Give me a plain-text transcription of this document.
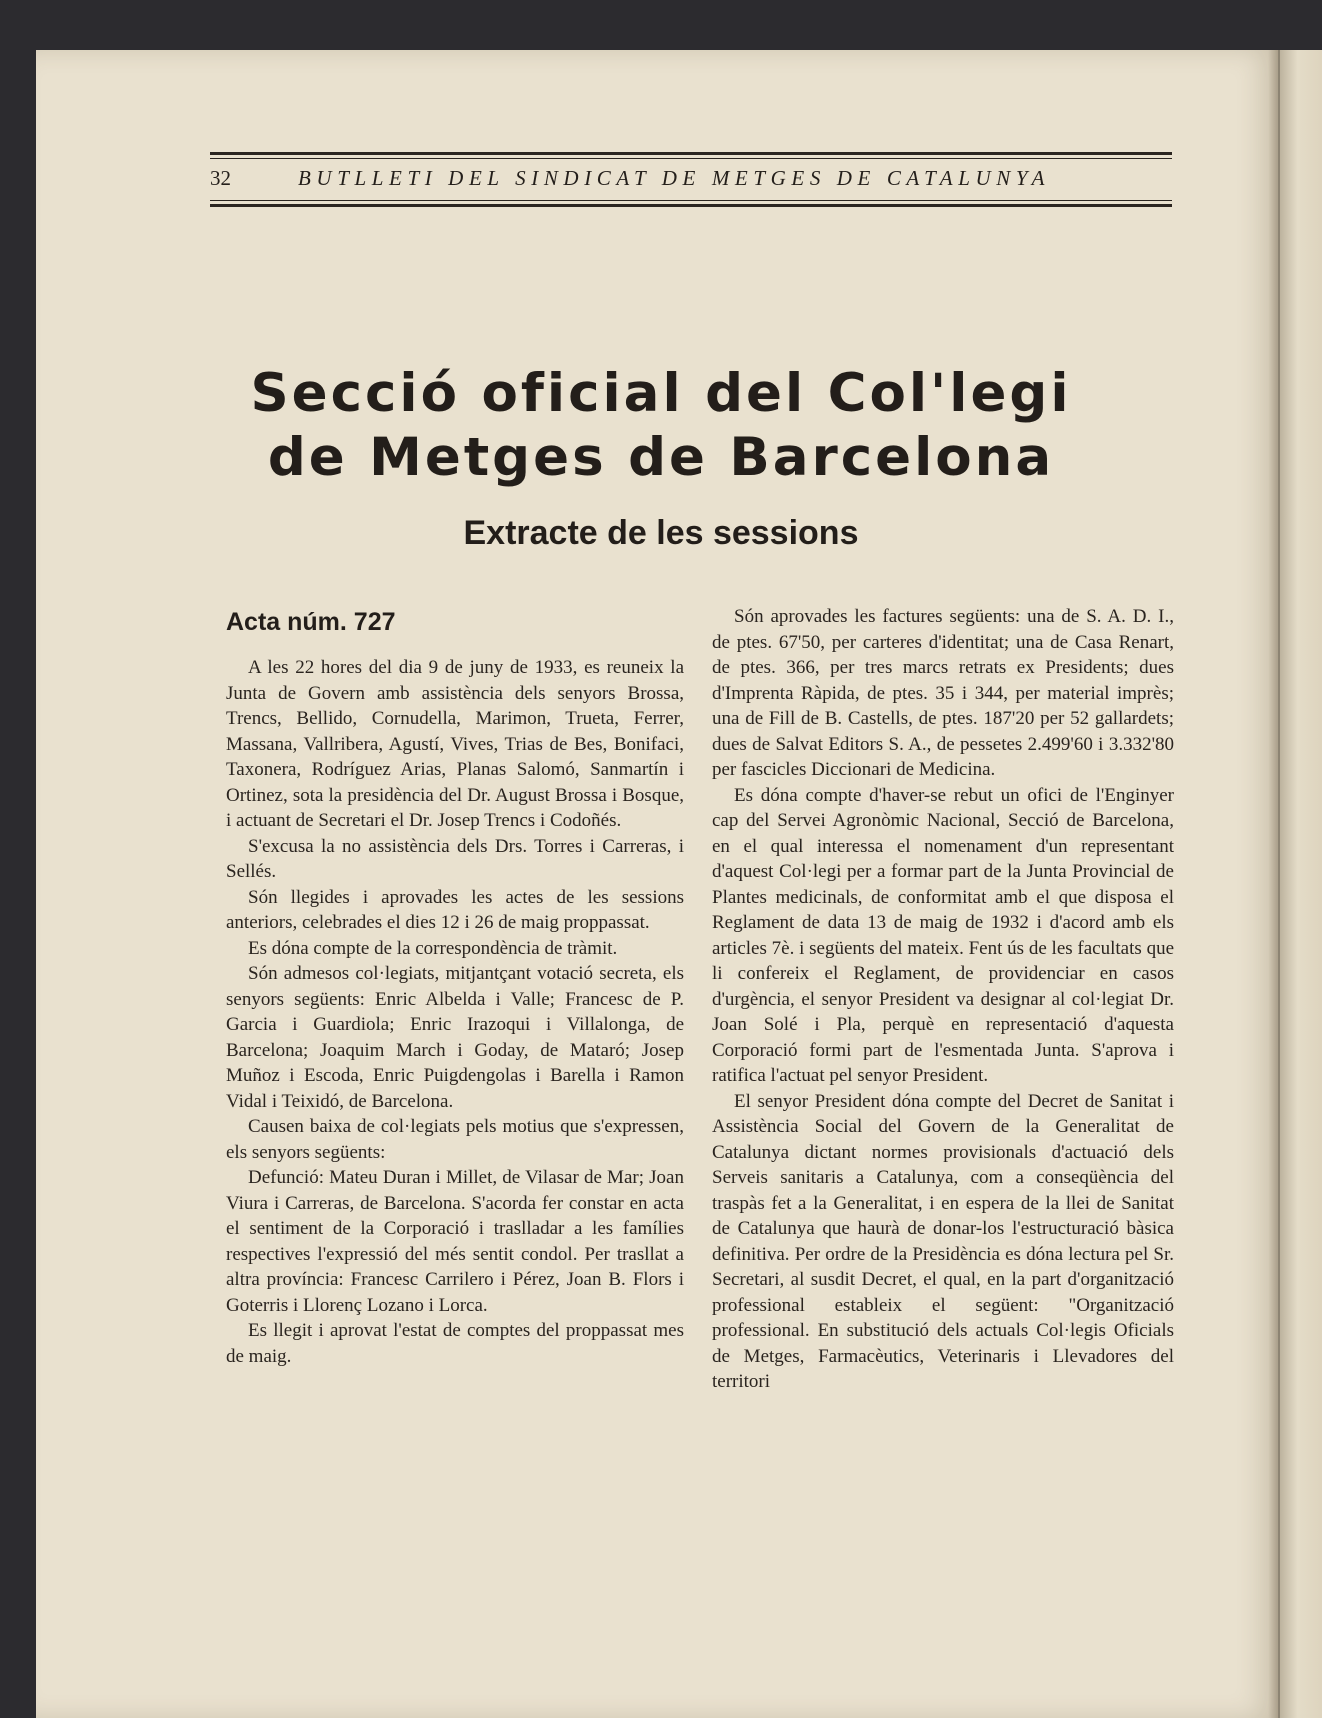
32	BUTLLETI DEL SINDICAT DE METGES DE CATALUNYA
Secció oficial del Col'legi
de Metges de Barcelona
Extracte de les sessions
Acta núm. 727

A les 22 hores del dia 9 de juny de 1933, es reuneix la Junta de Govern amb assistència dels senyors Brossa, Trencs, Bellido, Cornudella, Marimon, Trueta, Ferrer, Massana, Vallribera, Agustí, Vives, Trias de Bes, Bonifaci, Taxonera, Rodríguez Arias, Planas Salomó, Sanmartín i Ortinez, sota la presidència del Dr. August Brossa i Bosque, i actuant de Secretari el Dr. Josep Trencs i Codoñés.

S'excusa la no assistència dels Drs. Torres i Carreras, i Sellés.

Són llegides i aprovades les actes de les sessions anteriors, celebrades el dies 12 i 26 de maig proppassat.

Es dóna compte de la correspondència de tràmit.

Són admesos col·legiats, mitjantçant votació secreta, els senyors següents: Enric Albelda i Valle; Francesc de P. Garcia i Guardiola; Enric Irazoqui i Villalonga, de Barcelona; Joaquim March i Goday, de Mataró; Josep Muñoz i Escoda, Enric Puigdengolas i Barella i Ramon Vidal i Teixidó, de Barcelona.

Causen baixa de col·legiats pels motius que s'expressen, els senyors següents:

Defunció: Mateu Duran i Millet, de Vilasar de Mar; Joan Viura i Carreras, de Barcelona. S'acorda fer constar en acta el sentiment de la Corporació i traslladar a les famílies respectives l'expressió del més sentit condol. Per trasllat a altra província: Francesc Carrilero i Pérez, Joan B. Flors i Goterris i Llorenç Lozano i Lorca.

Es llegit i aprovat l'estat de comptes del proppassat mes de maig.

Són aprovades les factures següents: una de S. A. D. I., de ptes. 67'50, per carteres d'identitat; una de Casa Renart, de ptes. 366, per tres marcs retrats ex Presidents; dues d'Imprenta Ràpida, de ptes. 35 i 344, per material imprès; una de Fill de B. Castells, de ptes. 187'20 per 52 gallardets; dues de Salvat Editors S. A., de pessetes 2.499'60 i 3.332'80 per fascicles Diccionari de Medicina.

Es dóna compte d'haver-se rebut un ofici de l'Enginyer cap del Servei Agronòmic Nacional, Secció de Barcelona, en el qual interessa el nomenament d'un representant d'aquest Col·legi per a formar part de la Junta Provincial de Plantes medicinals, de conformitat amb el que disposa el Reglament de data 13 de maig de 1932 i d'acord amb els articles 7è. i següents del mateix. Fent ús de les facultats que li confereix el Reglament, de providenciar en casos d'urgència, el senyor President va designar al col·legiat Dr. Joan Solé i Pla, perquè en representació d'aquesta Corporació formi part de l'esmentada Junta. S'aprova i ratifica l'actuat pel senyor President.

El senyor President dóna compte del Decret de Sanitat i Assistència Social del Govern de la Generalitat de Catalunya dictant normes provisionals d'actuació dels Serveis sanitaris a Catalunya, com a conseqüència del traspàs fet a la Generalitat, i en espera de la llei de Sanitat de Catalunya que haurà de donar-los l'estructuració bàsica definitiva. Per ordre de la Presidència es dóna lectura pel Sr. Secretari, al susdit Decret, el qual, en la part d'organització professional estableix el següent: "Organització professional. En substitució dels actuals Col·legis Oficials de Metges, Farmacèutics, Veterinaris i Llevadores del territori
